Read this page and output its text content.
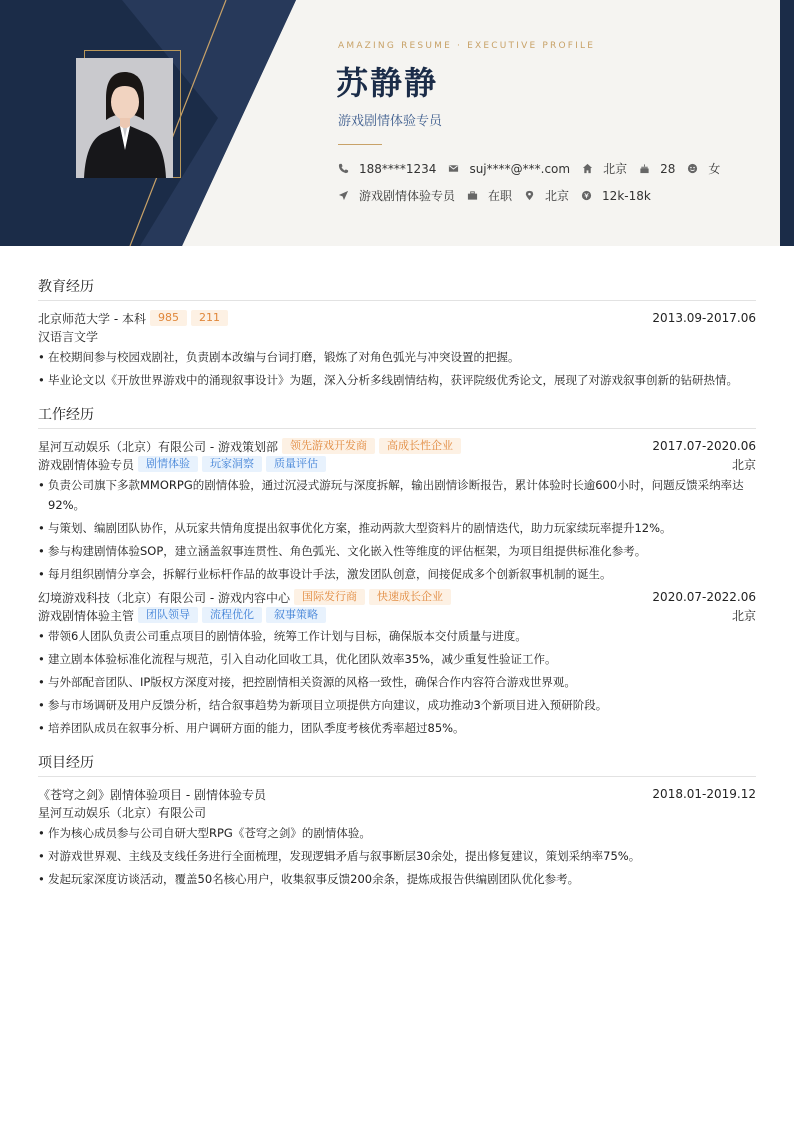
AMAZING RESUME · EXECUTIVE PROFILE
苏静静
游戏剧情体验专员
188****1234	suj****@***.com	北京	28	女
游戏剧情体验专员	在职	北京	12k-18k
教育经历
北京师范大学 - 本科	985	211	2013.09-2017.06
汉语言文学
• 在校期间参与校园戏剧社，负责剧本改编与台词打磨，锻炼了对角色弧光与冲突设置的把握。
• 毕业论文以《开放世界游戏中的涌现叙事设计》为题，深入分析多线剧情结构，获评院级优秀论文，展现了对游戏叙事创新的钻研热情。
工作经历
星河互动娱乐（北京）有限公司 - 游戏策划部	领先游戏开发商	高成长性企业	2017.07-2020.06
游戏剧情体验专员	剧情体验	玩家洞察	质量评估	北京
• 负责公司旗下多款MMORPG的剧情体验，通过沉浸式游玩与深度拆解，输出剧情诊断报告，累计体验时长逾600小时，问题反馈采纳率达92%。
• 与策划、编剧团队协作，从玩家共情角度提出叙事优化方案，推动两款大型资料片的剧情迭代，助力玩家续玩率提升12%。
• 参与构建剧情体验SOP，建立涵盖叙事连贯性、角色弧光、文化嵌入性等维度的评估框架，为项目组提供标准化参考。
• 每月组织剧情分享会，拆解行业标杆作品的故事设计手法，激发团队创意，间接促成多个创新叙事机制的诞生。
幻境游戏科技（北京）有限公司 - 游戏内容中心	国际发行商	快速成长企业	2020.07-2022.06
游戏剧情体验主管	团队领导	流程优化	叙事策略	北京
• 带领6人团队负责公司重点项目的剧情体验，统筹工作计划与目标，确保版本交付质量与进度。
• 建立剧本体验标准化流程与规范，引入自动化回收工具，优化团队效率35%，减少重复性验证工作。
• 与外部配音团队、IP版权方深度对接，把控剧情相关资源的风格一致性，确保合作内容符合游戏世界观。
• 参与市场调研及用户反馈分析，结合叙事趋势为新项目立项提供方向建议，成功推动3个新项目进入预研阶段。
• 培养团队成员在叙事分析、用户调研方面的能力，团队季度考核优秀率超过85%。
项目经历
《苍穹之剑》剧情体验项目 - 剧情体验专员	2018.01-2019.12
星河互动娱乐（北京）有限公司
• 作为核心成员参与公司自研大型RPG《苍穹之剑》的剧情体验。
• 对游戏世界观、主线及支线任务进行全面梳理，发现逻辑矛盾与叙事断层30余处，提出修复建议，策划采纳率75%。
• 发起玩家深度访谈活动，覆盖50名核心用户，收集叙事反馈200余条，提炼成报告供编剧团队优化参考。
